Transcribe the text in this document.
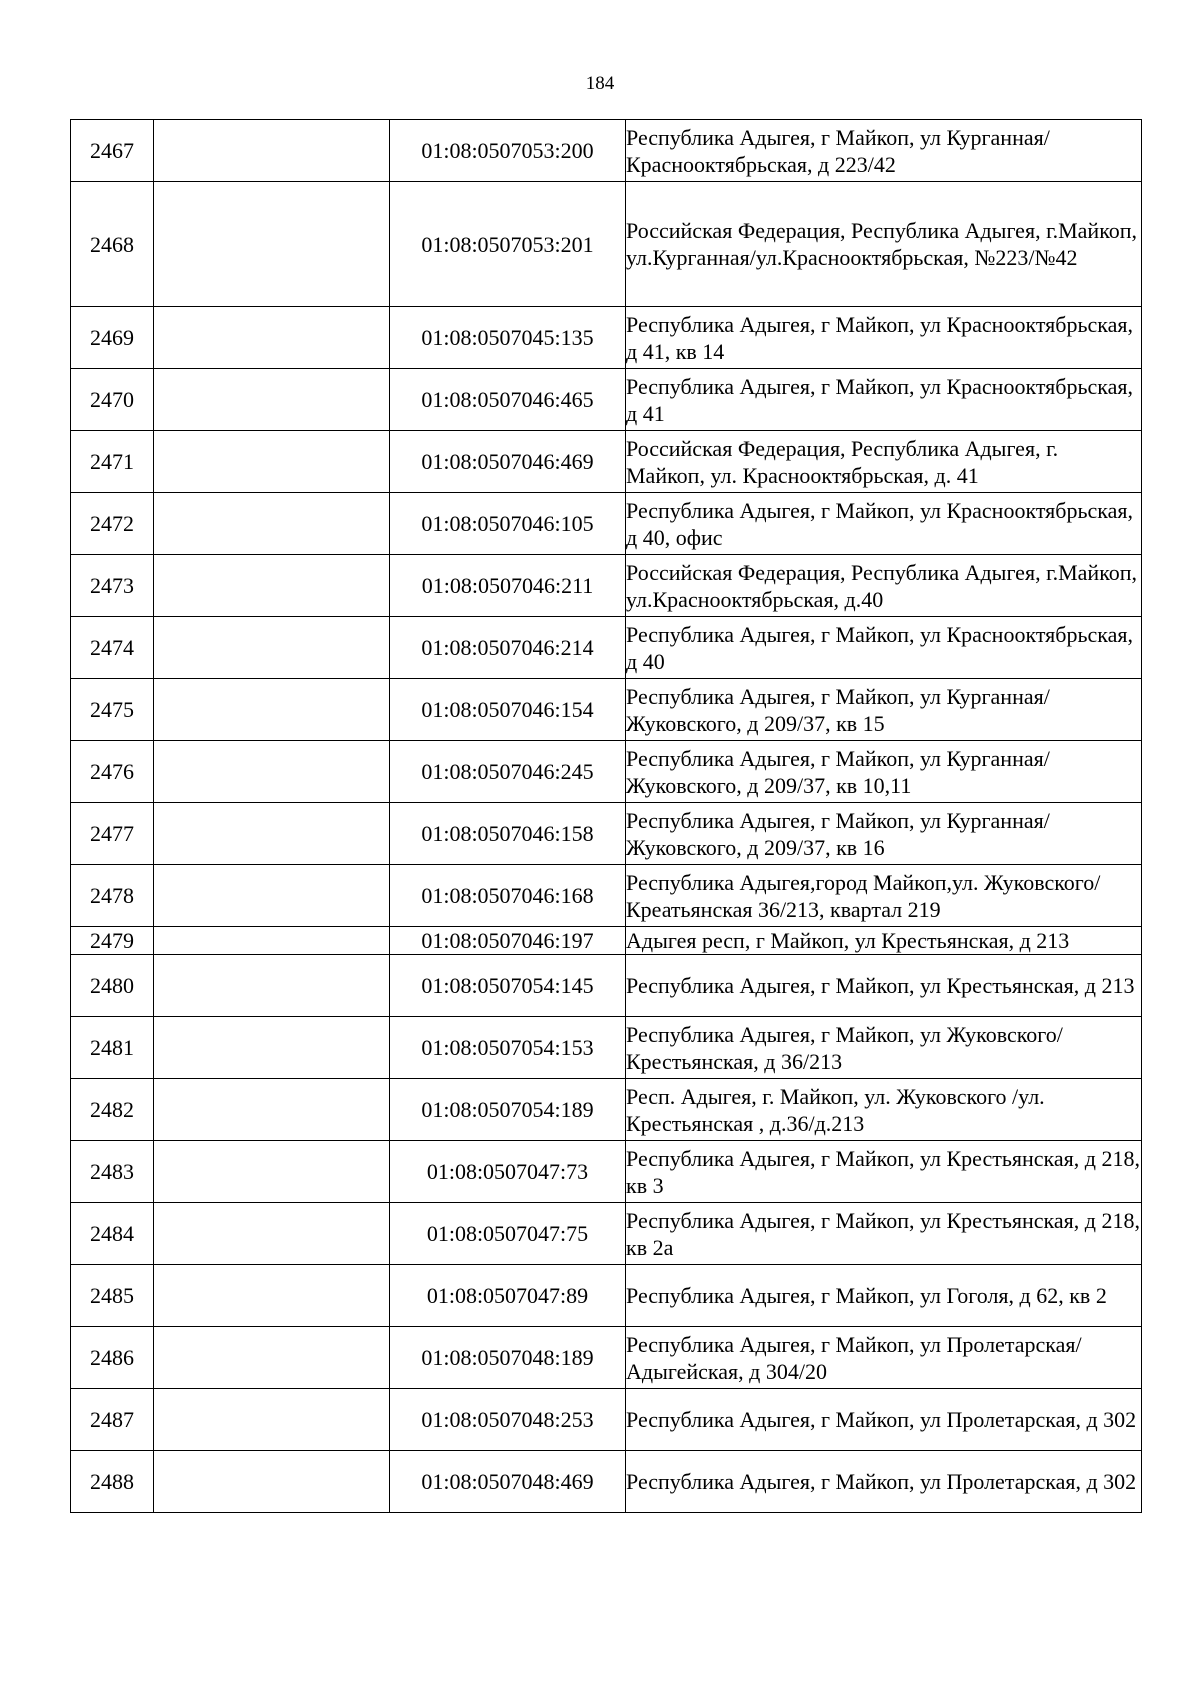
184
2467		01:08:0507053:200	Республика Адыгея, г Майкоп, ул Курганная/Краснооктябрьская, д 223/42
2468		01:08:0507053:201	Российская Федерация, Республика Адыгея, г.Майкоп, ул.Курганная/ул.Краснооктябрьская, №223/№42
2469		01:08:0507045:135	Республика Адыгея, г Майкоп, ул Краснооктябрьская, д 41, кв 14
2470		01:08:0507046:465	Республика Адыгея, г Майкоп, ул Краснооктябрьская, д 41
2471		01:08:0507046:469	Российская Федерация, Республика Адыгея, г. Майкоп, ул. Краснооктябрьская, д. 41
2472		01:08:0507046:105	Республика Адыгея, г Майкоп, ул Краснооктябрьская, д 40, офис
2473		01:08:0507046:211	Российская Федерация, Республика Адыгея, г.Майкоп, ул.Краснооктябрьская, д.40
2474		01:08:0507046:214	Республика Адыгея, г Майкоп, ул Краснооктябрьская, д 40
2475		01:08:0507046:154	Республика Адыгея, г Майкоп, ул Курганная/Жуковского, д 209/37, кв 15
2476		01:08:0507046:245	Республика Адыгея, г Майкоп, ул Курганная/Жуковского, д 209/37, кв 10,11
2477		01:08:0507046:158	Республика Адыгея, г Майкоп, ул Курганная/ Жуковского, д 209/37, кв 16
2478		01:08:0507046:168	Республика Адыгея,город Майкоп,ул. Жуковского/Креатьянская 36/213, квартал 219
2479		01:08:0507046:197	Адыгея респ, г Майкоп, ул Крестьянская, д 213
2480		01:08:0507054:145	Республика Адыгея, г Майкоп, ул Крестьянская, д 213
2481		01:08:0507054:153	Республика Адыгея, г Майкоп, ул Жуковского/Крестьянская, д 36/213
2482		01:08:0507054:189	Респ. Адыгея, г. Майкоп, ул. Жуковского /ул. Крестьянская , д.36/д.213
2483		01:08:0507047:73	Республика Адыгея, г Майкоп, ул Крестьянская, д 218, кв 3
2484		01:08:0507047:75	Республика Адыгея, г Майкоп, ул Крестьянская, д 218, кв 2а
2485		01:08:0507047:89	Республика Адыгея, г Майкоп, ул Гоголя, д 62, кв 2
2486		01:08:0507048:189	Республика Адыгея, г Майкоп, ул Пролетарская/Адыгейская, д 304/20
2487		01:08:0507048:253	Республика Адыгея, г Майкоп, ул Пролетарская, д 302
2488		01:08:0507048:469	Республика Адыгея, г Майкоп, ул Пролетарская, д 302
